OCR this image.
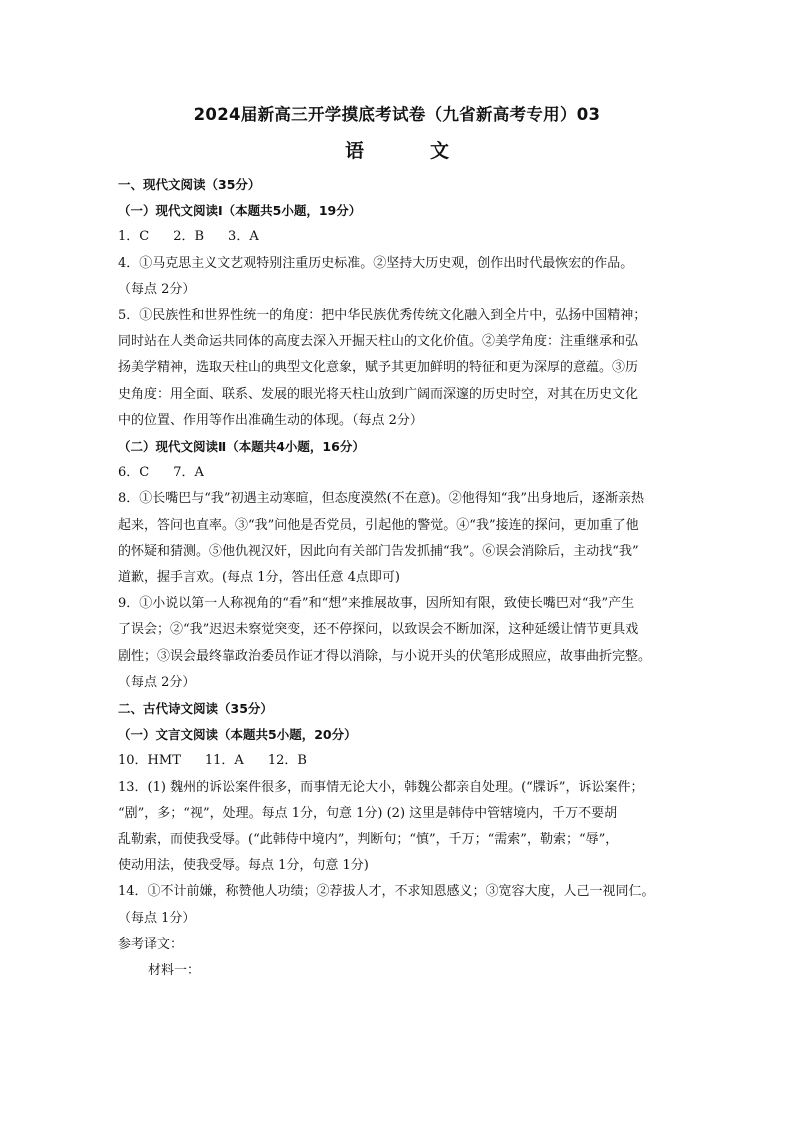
2024届新高三开学摸底考试卷（九省新高考专用）03
语	文
一、现代文阅读（35分）
（一）现代文阅读Ⅰ（本题共5小题，19分）
1．C 2．B 3．A
4．①马克思主义文艺观特别注重历史标准。②坚持大历史观，创作出时代最恢宏的作品。
（每点 2分）
5．①民族性和世界性统一的角度：把中华民族优秀传统文化融入到全片中，弘扬中国精神；
同时站在人类命运共同体的高度去深入开掘天柱山的文化价值。②美学角度：注重继承和弘
扬美学精神，选取天柱山的典型文化意象，赋予其更加鲜明的特征和更为深厚的意蕴。③历
史角度：用全面、联系、发展的眼光将天柱山放到广阔而深邃的历史时空，对其在历史文化
中的位置、作用等作出准确生动的体现。（每点 2分）
（二）现代文阅读Ⅱ（本题共4小题，16分）
6．C 7．A
8．①长嘴巴与“我”初遇主动寒暄，但态度漠然(不在意)。②他得知“我”出身地后，逐渐亲热
起来，答问也直率。③“我”问他是否党员，引起他的警觉。④“我”接连的探问，更加重了他
的怀疑和猜测。⑤他仇视汉奸，因此向有关部门告发抓捕“我”。⑥误会消除后，主动找“我”
道歉，握手言欢。(每点 1分，答出任意 4点即可)
9．①小说以第一人称视角的“看”和“想”来推展故事，因所知有限，致使长嘴巴对“我”产生
了误会；②“我”迟迟未察觉突变，还不停探问，以致误会不断加深，这种延缓让情节更具戏
剧性；③误会最终靠政治委员作证才得以消除，与小说开头的伏笔形成照应，故事曲折完整。
（每点 2分）
二、古代诗文阅读（35分）
（一）文言文阅读（本题共5小题，20分）
10．HMT 11．A 12．B
13．(1) 魏州的诉讼案件很多，而事情无论大小，韩魏公都亲自处理。(“牒诉”，诉讼案件；
“剧”，多；“视”，处理。每点 1分，句意 1分) (2) 这里是韩侍中管辖境内，千万不要胡
乱勒索，而使我受辱。(“此韩侍中境内”，判断句；“慎”，千万；“需索”，勒索；“辱”，
使动用法，使我受辱。每点 1分，句意 1分)
14．①不计前嫌，称赞他人功绩；②荐拔人才，不求知恩感义；③宽容大度，人己一视同仁。
（每点 1分）
参考译文：
材料一：
